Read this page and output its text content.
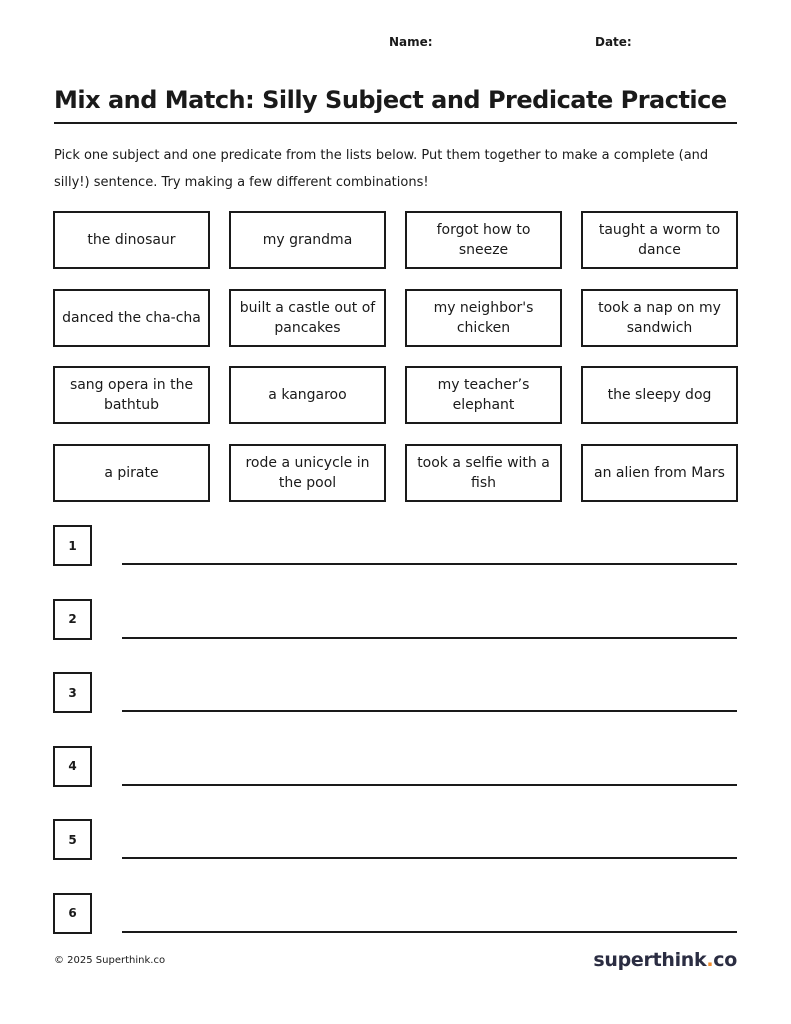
Name:	Date:
Mix and Match: Silly Subject and Predicate Practice
Pick one subject and one predicate from the lists below. Put them together to make a complete (and silly!) sentence. Try making a few different combinations!
the dinosaur	my grandma
forgot how to sneeze
taught a worm to dance
danced the cha-cha
built a castle out of pancakes
my neighbor's chicken
took a nap on my sandwich
sang opera in the bathtub
a kangaroo
my teacher’s elephant
the sleepy dog
a pirate
rode a unicycle in the pool
took a selfie with a fish
an alien from Mars
1
2
3
4
5
6
© 2025 Superthink.co	superthink.co
